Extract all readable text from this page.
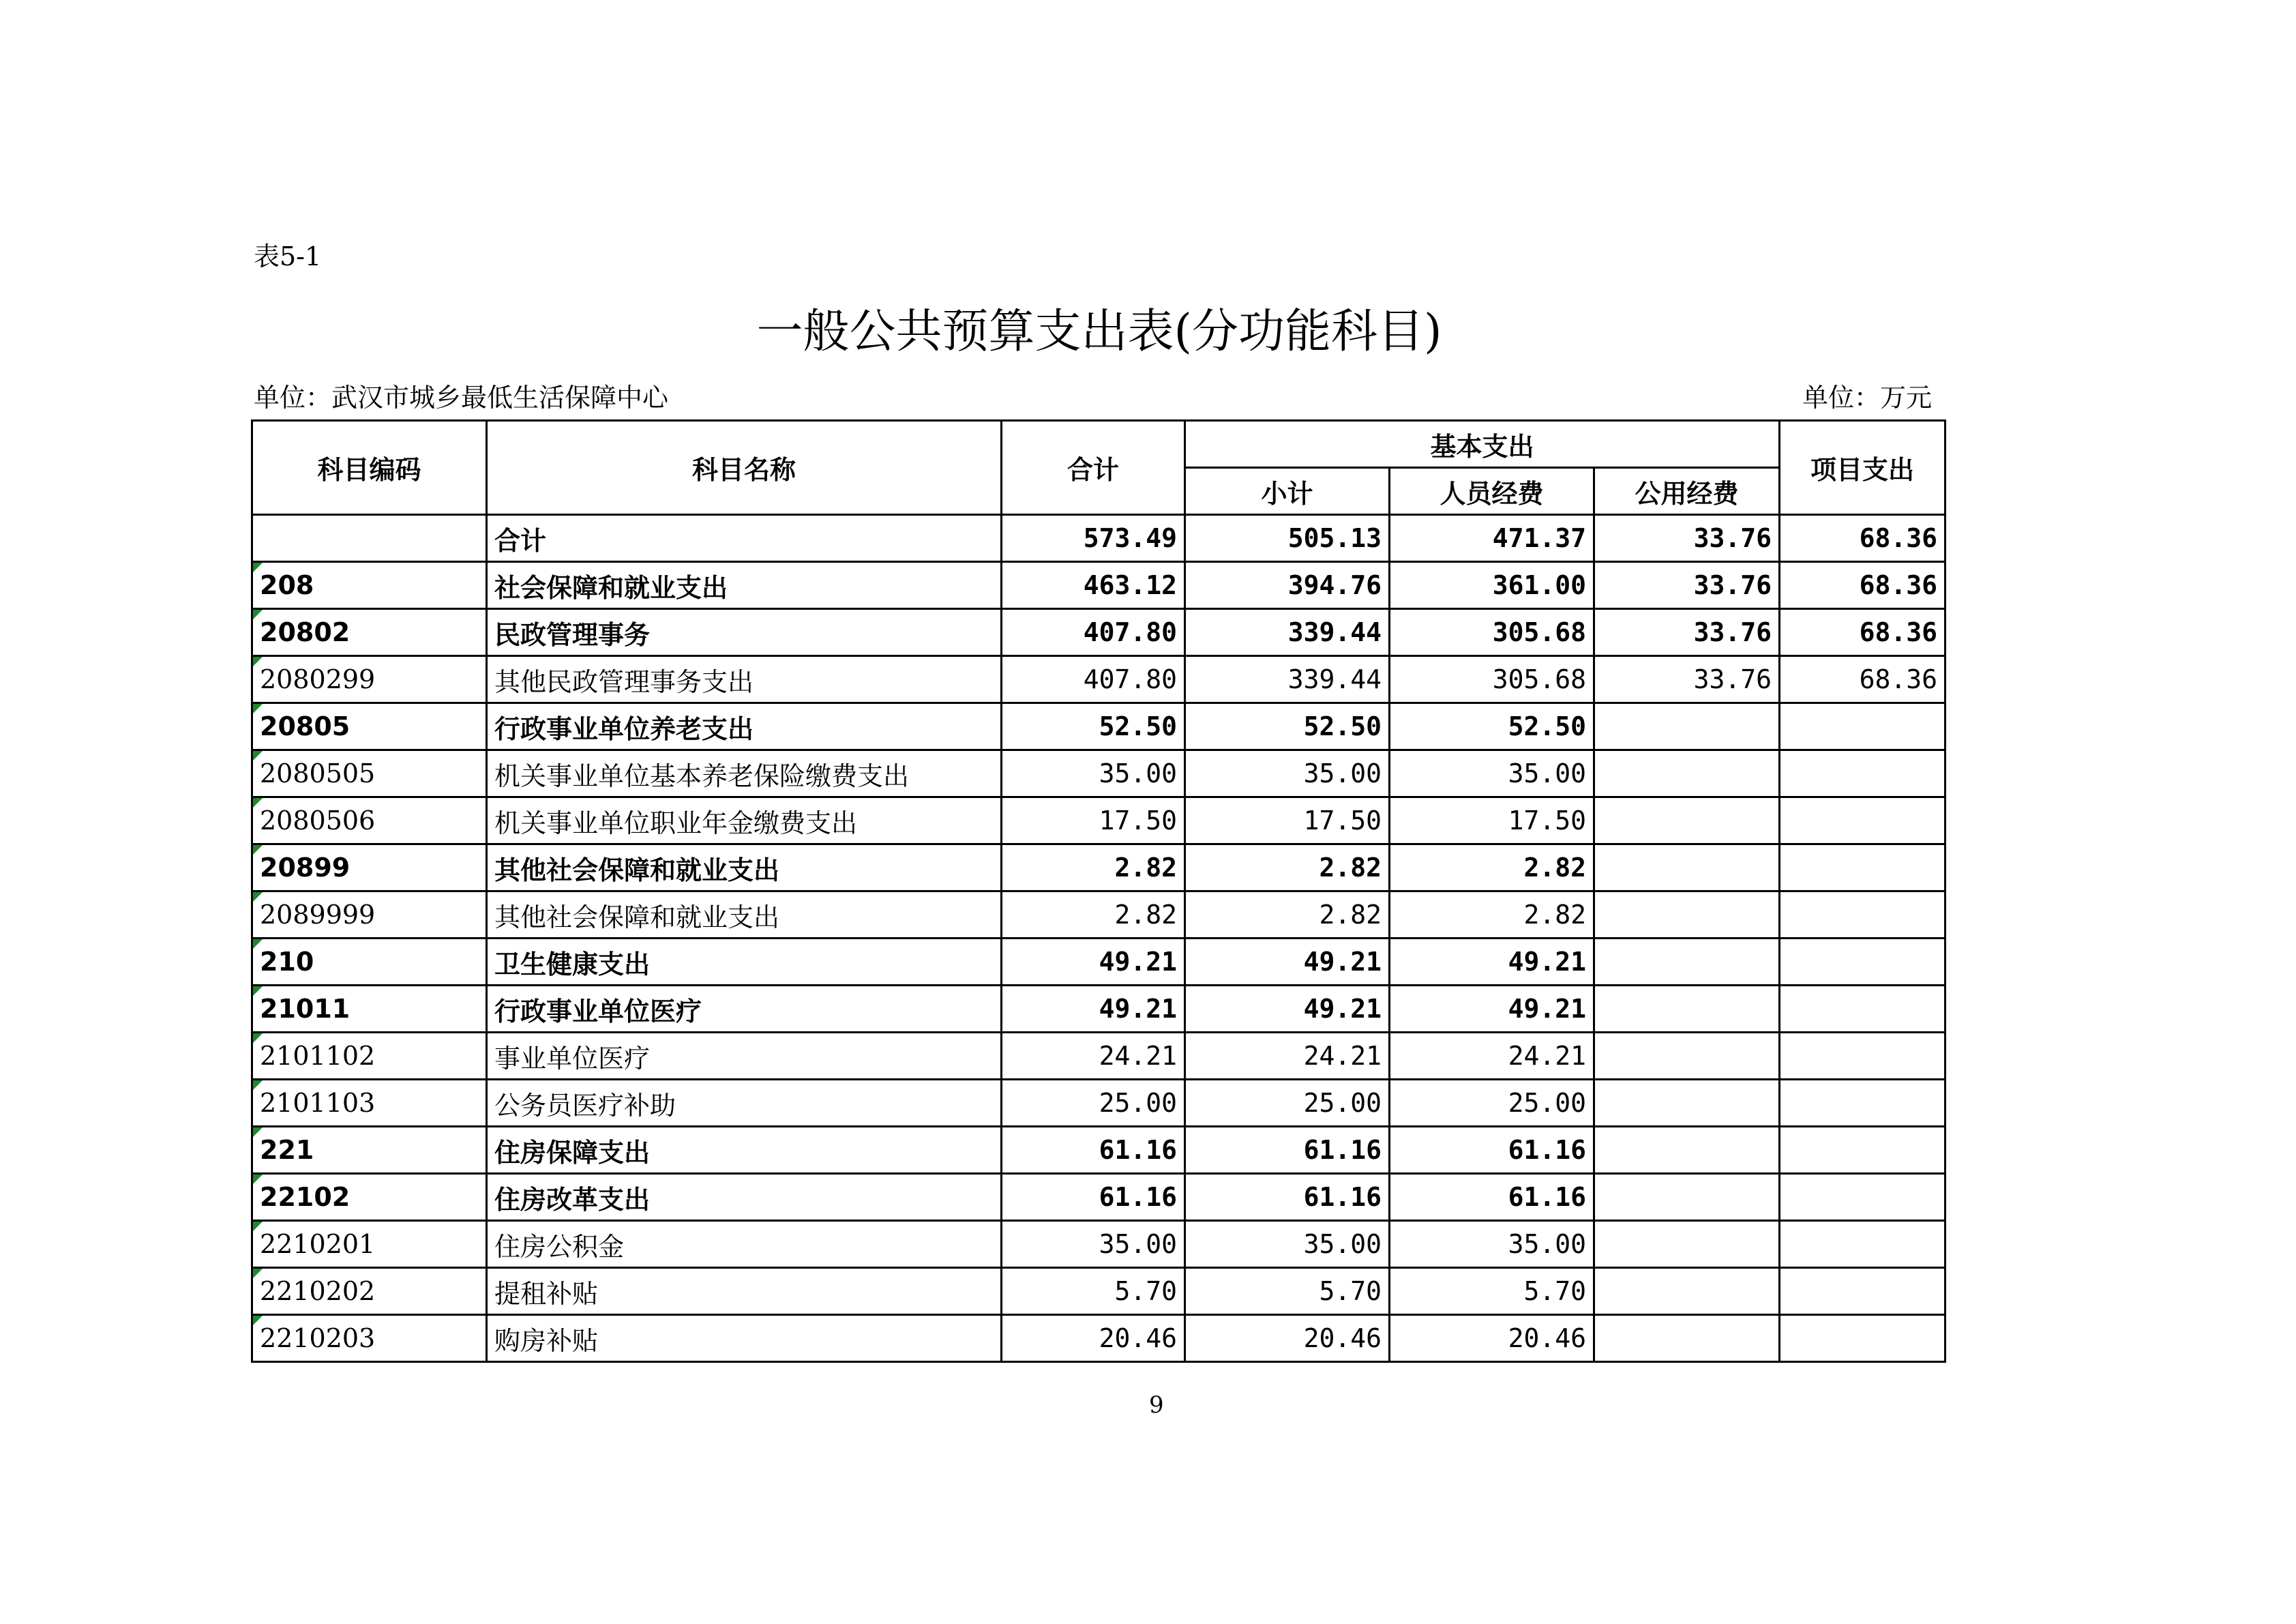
表5-1
一般公共预算支出表(分功能科目)
单位：武汉市城乡最低生活保障中心	单位：万元
科目编码	科目名称	合计	基本支出			项目支出
			小计	人员经费	公用经费	
	合计	573.49	505.13	471.37	33.76	68.36
208	社会保障和就业支出	463.12	394.76	361.00	33.76	68.36
20802	民政管理事务	407.80	339.44	305.68	33.76	68.36
2080299	其他民政管理事务支出	407.80	339.44	305.68	33.76	68.36
20805	行政事业单位养老支出	52.50	52.50	52.50		
2080505	机关事业单位基本养老保险缴费支出	35.00	35.00	35.00		
2080506	机关事业单位职业年金缴费支出	17.50	17.50	17.50		
20899	其他社会保障和就业支出	2.82	2.82	2.82		
2089999	其他社会保障和就业支出	2.82	2.82	2.82		
210	卫生健康支出	49.21	49.21	49.21		
21011	行政事业单位医疗	49.21	49.21	49.21		
2101102	事业单位医疗	24.21	24.21	24.21		
2101103	公务员医疗补助	25.00	25.00	25.00		
221	住房保障支出	61.16	61.16	61.16		
22102	住房改革支出	61.16	61.16	61.16		
2210201	住房公积金	35.00	35.00	35.00		
2210202	提租补贴	5.70	5.70	5.70		
2210203	购房补贴	20.46	20.46	20.46		
9
